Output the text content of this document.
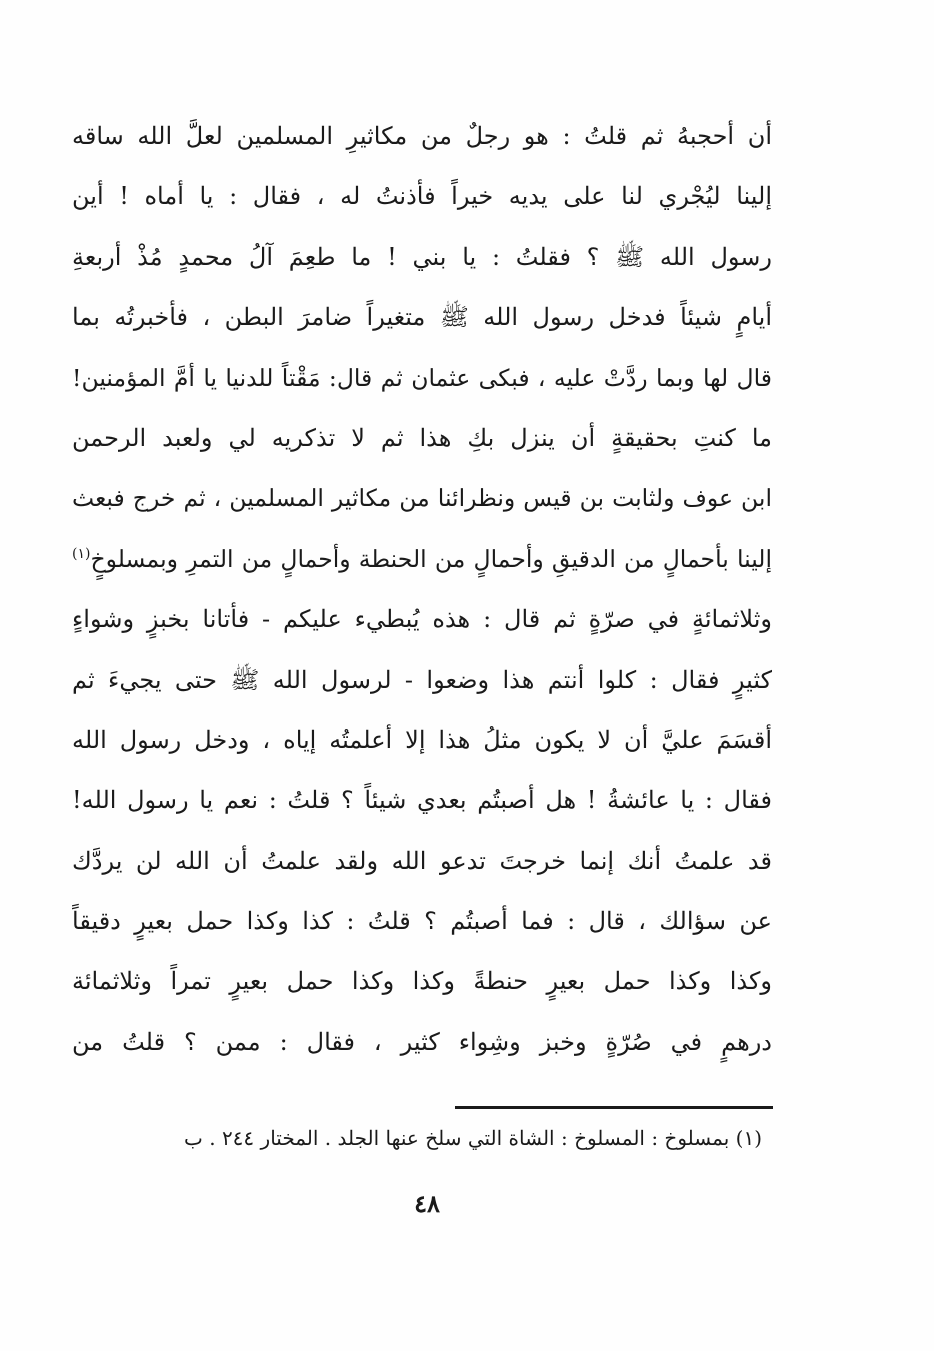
أن أحجبهُ ثم قلتُ : هو رجلٌ من مكاثيرِ المسلمين لعلَّ الله ساقه
إلينا ليُجْري لنا على يديه خيراً فأذنتُ له ، فقال : يا أماه ! أين
رسول الله ﷺ ؟ فقلتُ : يا بني ! ما طعِمَ آلُ محمدٍ مُذْ أربعةِ
أيامٍ شيئاً فدخل رسول الله ﷺ متغيراً ضامرَ البطن ، فأخبرتُه بما
قال لها وبما ردَّتْ عليه ، فبكى عثمان ثم قال: مَقْتاً للدنيا يا أمَّ المؤمنين!
ما كنتِ بحقيقةٍ أن ينزل بكِ هذا ثم لا تذكريه لي ولعبد الرحمن
ابن عوف ولثابت بن قيس ونظرائنا من مكاثير المسلمين ، ثم خرج فبعث
إلينا بأحمالٍ من الدقيقِ وأحمالٍ من الحنطة وأحمالٍ من التمرِ وبمسلوخٍ$^{(١)}$
وثلاثمائةٍ في صرّةٍ ثم قال : هذه يُبطيء عليكم - فأتانا بخبزٍ وشواءٍ
كثيرٍ فقال : كلوا أنتم هذا وضعوا - لرسول الله ﷺ حتى يجيءَ ثم
أقسَمَ عليَّ أن لا يكون مثلُ هذا إلا أعلمتُه إياه ، ودخل رسول الله
فقال : يا عائشةُ ! هل أصبتُم بعدي شيئاً ؟ قلتُ : نعم يا رسول الله!
قد علمتُ أنك إنما خرجتَ تدعو الله ولقد علمتُ أن الله لن يردَّك
عن سؤالك ، قال : فما أصبتُم ؟ قلتُ : كذا وكذا حمل بعيرٍ دقيقاً
وكذا وكذا حمل بعيرٍ حنطةً وكذا وكذا حمل بعيرٍ تمراً وثلاثمائة
درهمٍ في صُرّةٍ وخبز وشِواء كثير ، فقال : ممن ؟ قلتُ من
(١) بمسلوخ : المسلوخ : الشاة التي سلخ عنها الجلد . المختار ٢٤٤ . ب
٤٨
